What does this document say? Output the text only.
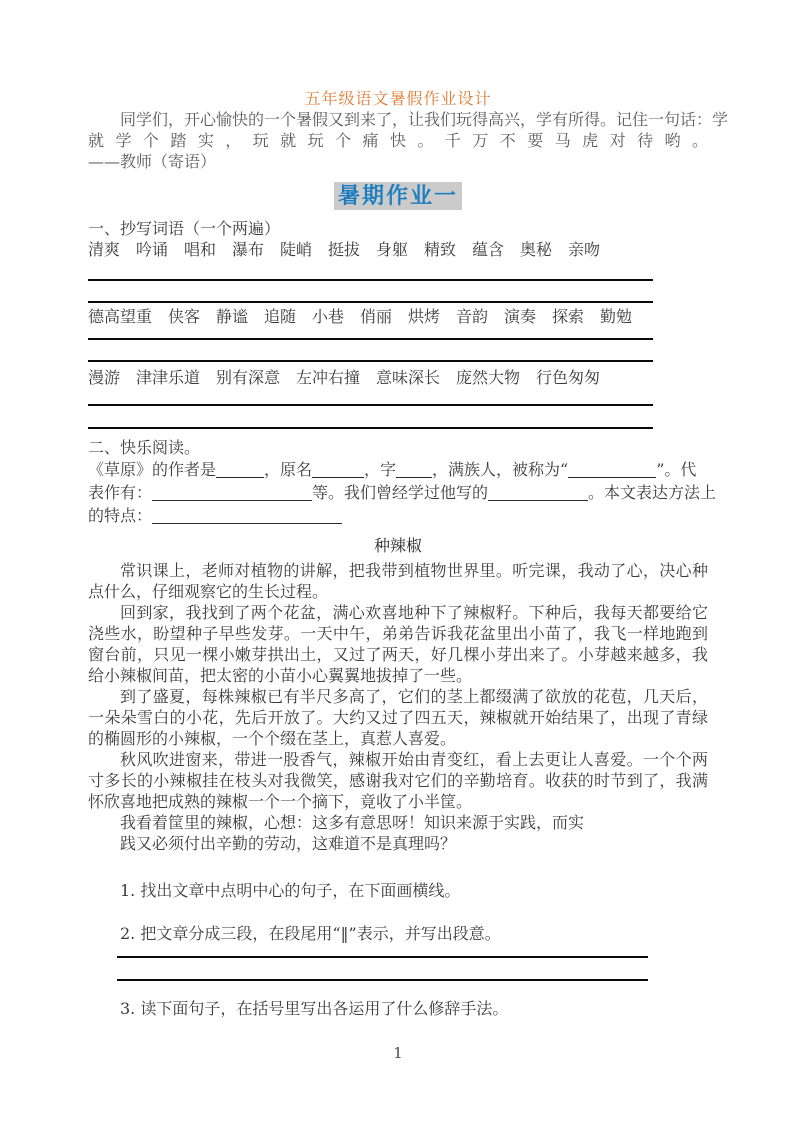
五年级语文暑假作业设计
同学们，开心愉快的一个暑假又到来了，让我们玩得高兴，学有所得。记住一句话：学
就 学 个 踏 实 ， 玩 就 玩 个 痛 快 。 千 万 不 要 马 虎 对 待 哟 。
——教师（寄语）
暑期作业一
一、抄写词语（一个两遍）
清爽　吟诵　唱和　瀑布　陡峭　挺拔　身躯　精致　蕴含　奥秘　亲吻
德高望重　侠客　静谧　追随　小巷　俏丽　烘烤　音韵　演奏　探索　勤勉
漫游　津津乐道　别有深意　左冲右撞　意味深长　庞然大物　行色匆匆
二、快乐阅读。
《草原》的作者是	，原名	，字 ，满族人，被称为“	”。代
表作有：	等。我们曾经学过他写的	。本文表达方法上
的特点：
种辣椒

常识课上，老师对植物的讲解，把我带到植物世界里。听完课，我动了心，决心种点什么，仔细观察它的生长过程。

回到家，我找到了两个花盆，满心欢喜地种下了辣椒籽。下种后，我每天都要给它浇些水，盼望种子早些发芽。一天中午，弟弟告诉我花盆里出小苗了，我飞一样地跑到窗台前，只见一棵小嫩芽拱出土，又过了两天，好几棵小芽出来了。小芽越来越多，我给小辣椒间苗，把太密的小苗小心翼翼地拔掉了一些。

到了盛夏，每株辣椒已有半尺多高了，它们的茎上都缀满了欲放的花苞，几天后，一朵朵雪白的小花，先后开放了。大约又过了四五天，辣椒就开始结果了，出现了青绿的椭圆形的小辣椒，一个个缀在茎上，真惹人喜爱。

秋风吹进窗来，带进一股香气，辣椒开始由青变红，看上去更让人喜爱。一个个两寸多长的小辣椒挂在枝头对我微笑，感谢我对它们的辛勤培育。收获的时节到了，我满怀欣喜地把成熟的辣椒一个一个摘下，竟收了小半筐。

我看着筐里的辣椒，心想：这多有意思呀！知识来源于实践，而实
践又必须付出辛勤的劳动，这难道不是真理吗？
1. 找出文章中点明中心的句子，在下面画横线。
2. 把文章分成三段，在段尾用“‖”表示，并写出段意。
3. 读下面句子，在括号里写出各运用了什么修辞手法。
1
